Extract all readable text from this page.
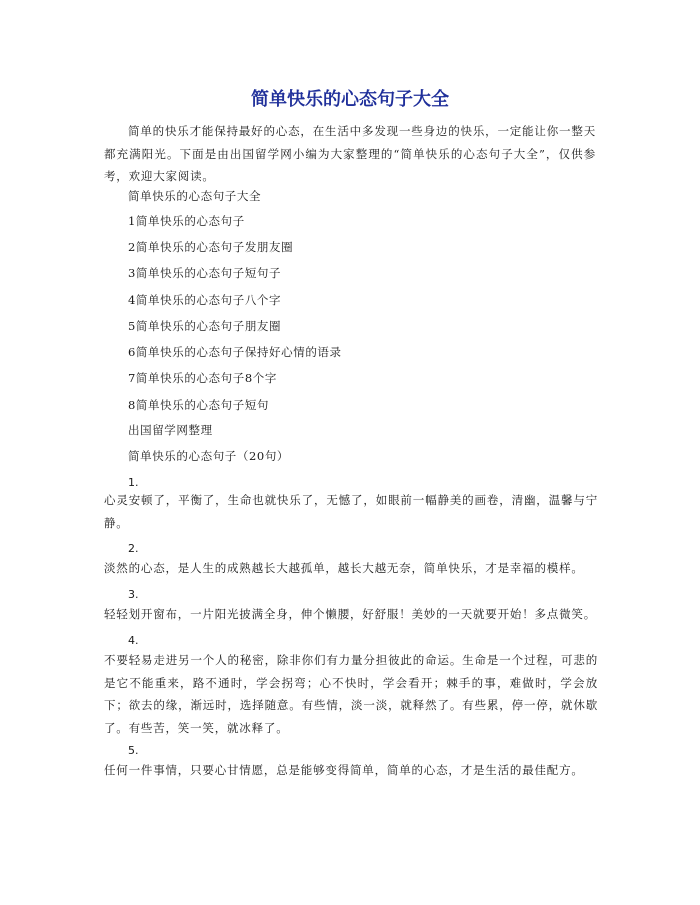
简单快乐的心态句子大全
简单的快乐才能保持最好的心态，在生活中多发现一些身边的快乐，一定能让你一整天都充满阳光。下面是由出国留学网小编为大家整理的“简单快乐的心态句子大全”，仅供参考，欢迎大家阅读。
简单快乐的心态句子大全
1简单快乐的心态句子
2简单快乐的心态句子发朋友圈
3简单快乐的心态句子短句子
4简单快乐的心态句子八个字
5简单快乐的心态句子朋友圈
6简单快乐的心态句子保持好心情的语录
7简单快乐的心态句子8个字
8简单快乐的心态句子短句
出国留学网整理
简单快乐的心态句子（20句）
1.
心灵安顿了，平衡了，生命也就快乐了，无憾了，如眼前一幅静美的画卷，清幽，温馨与宁静。
2.
淡然的心态，是人生的成熟越长大越孤单，越长大越无奈，简单快乐，才是幸福的模样。
3.
轻轻划开窗布，一片阳光披满全身，伸个懒腰，好舒服！美妙的一天就要开始！多点微笑。
4.
不要轻易走进另一个人的秘密，除非你们有力量分担彼此的命运。生命是一个过程，可悲的是它不能重来，路不通时，学会拐弯；心不快时，学会看开；棘手的事，难做时，学会放下；欲去的缘，渐远时，选择随意。有些情，淡一淡，就释然了。有些累，停一停，就休歇了。有些苦，笑一笑，就冰释了。
5.
任何一件事情，只要心甘情愿，总是能够变得简单，简单的心态，才是生活的最佳配方。
